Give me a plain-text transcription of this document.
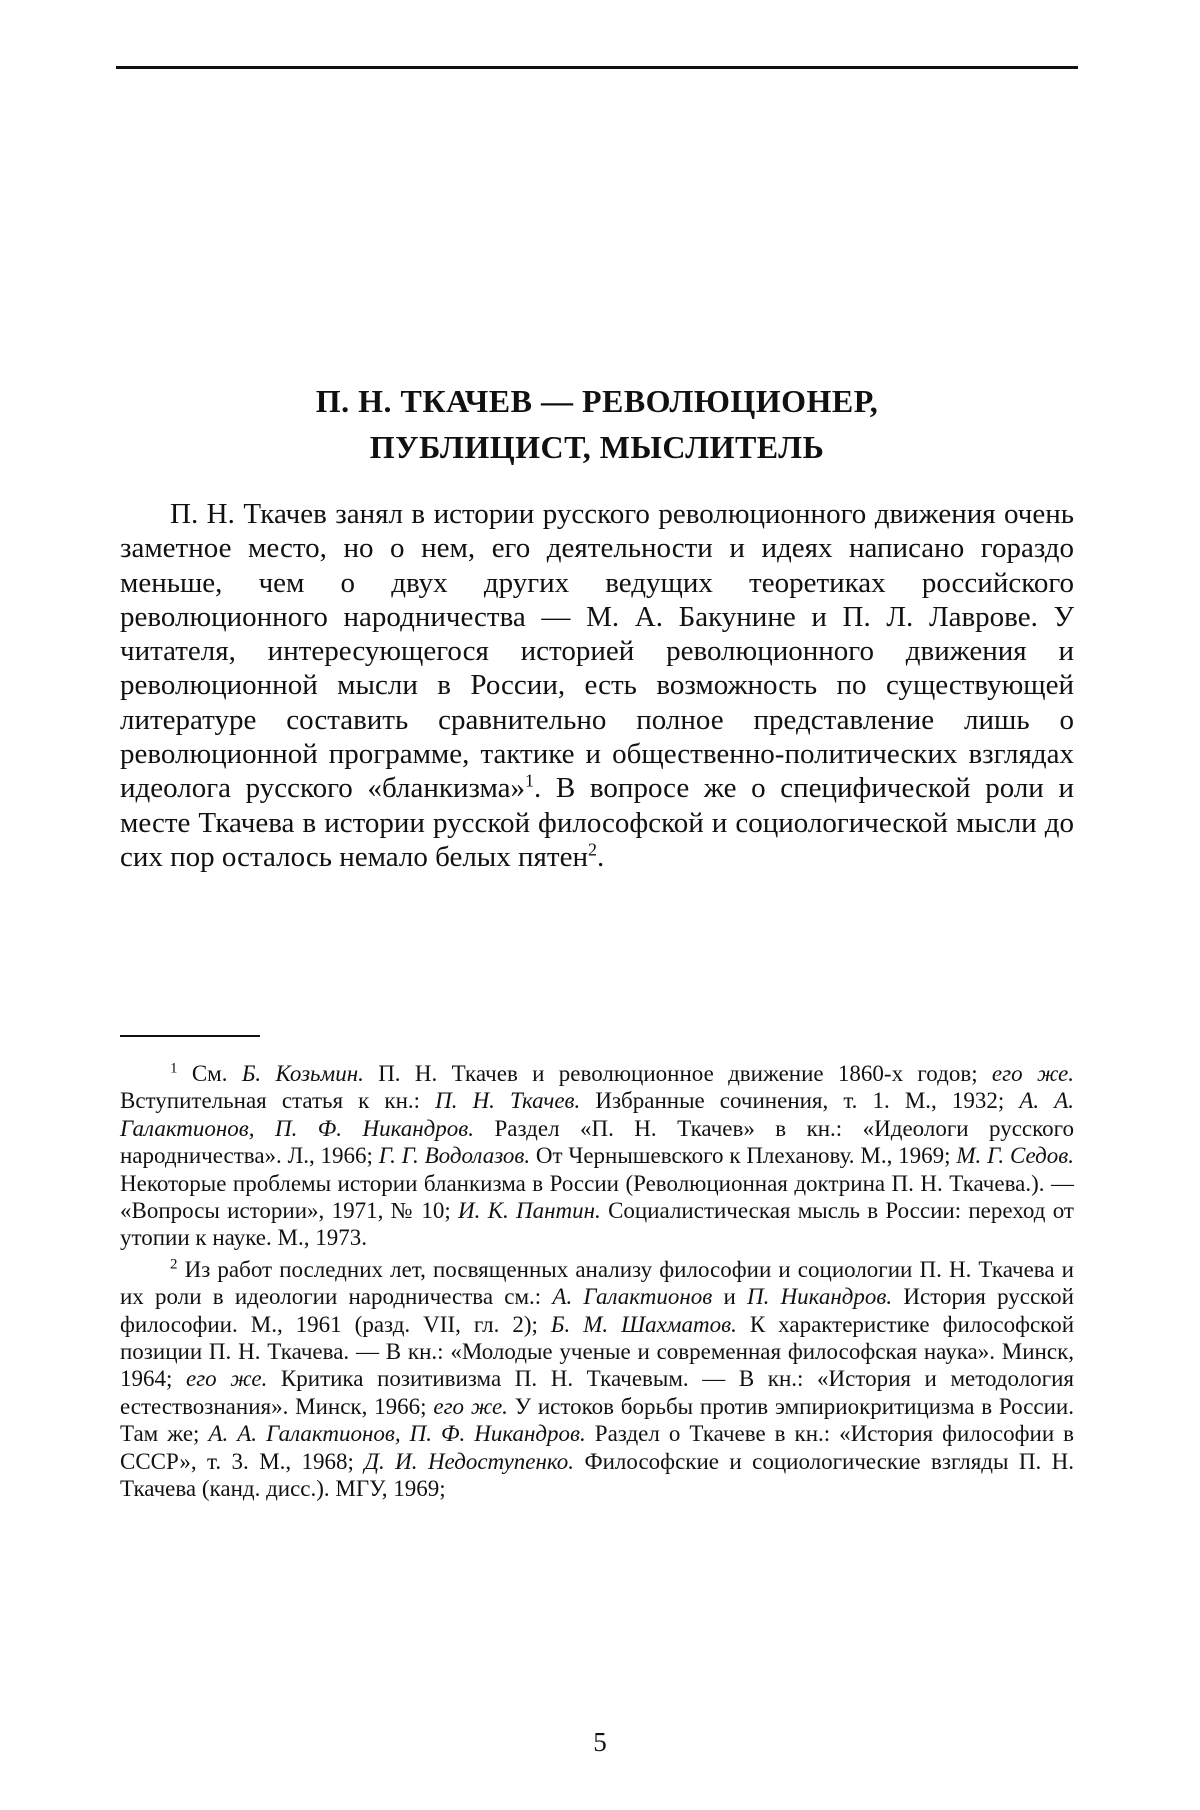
П. Н. ТКАЧЕВ — РЕВОЛЮЦИОНЕР,
ПУБЛИЦИСТ, МЫСЛИТЕЛЬ

П. Н. Ткачев занял в истории русского революционного движения очень заметное место, но о нем, его деятельности и идеях написано гораздо меньше, чем о двух других ведущих теоретиках российского революционного народничества — М. А. Бакунине и П. Л. Лаврове. У читателя, интересующегося историей революционного движения и революционной мысли в России, есть возможность по существующей литературе составить сравнительно полное представление лишь о революционной программе, тактике и общественно-политических взглядах идеолога русского «бланкизма»$^1$. В вопросе же о специфической роли и месте Ткачева в истории русской философской и социологической мысли до сих пор осталось немало белых пятен$^2$.

$^1$ См. Б. Козьмин. П. Н. Ткачев и революционное движение 1860-х годов; его же. Вступительная статья к кн.: П. Н. Ткачев. Избранные сочинения, т. 1. М., 1932; А. А. Галактионов, П. Ф. Никандров. Раздел «П. Н. Ткачев» в кн.: «Идеологи русского народничества». Л., 1966; Г. Г. Водолазов. От Чернышевского к Плеханову. М., 1969; М. Г. Седов. Некоторые проблемы истории бланкизма в России (Революционная доктрина П. Н. Ткачева.). — «Вопросы истории», 1971, № 10; И. К. Пантин. Социалистическая мысль в России: переход от утопии к науке. М., 1973.

$^2$ Из работ последних лет, посвященных анализу философии и социологии П. Н. Ткачева и их роли в идеологии народничества см.: А. Галактионов и П. Никандров. История русской философии. М., 1961 (разд. VII, гл. 2); Б. М. Шахматов. К характеристике философской позиции П. Н. Ткачева. — В кн.: «Молодые ученые и современная философская наука». Минск, 1964; его же. Критика позитивизма П. Н. Ткачевым. — В кн.: «История и методология естествознания». Минск, 1966; его же. У истоков борьбы против эмпириокритицизма в России. Там же; А. А. Галактионов, П. Ф. Никандров. Раздел о Ткачеве в кн.: «История философии в СССР», т. 3. М., 1968; Д. И. Недоступенко. Философские и социологические взгляды П. Н. Ткачева (канд. дисс.). МГУ, 1969;

5
